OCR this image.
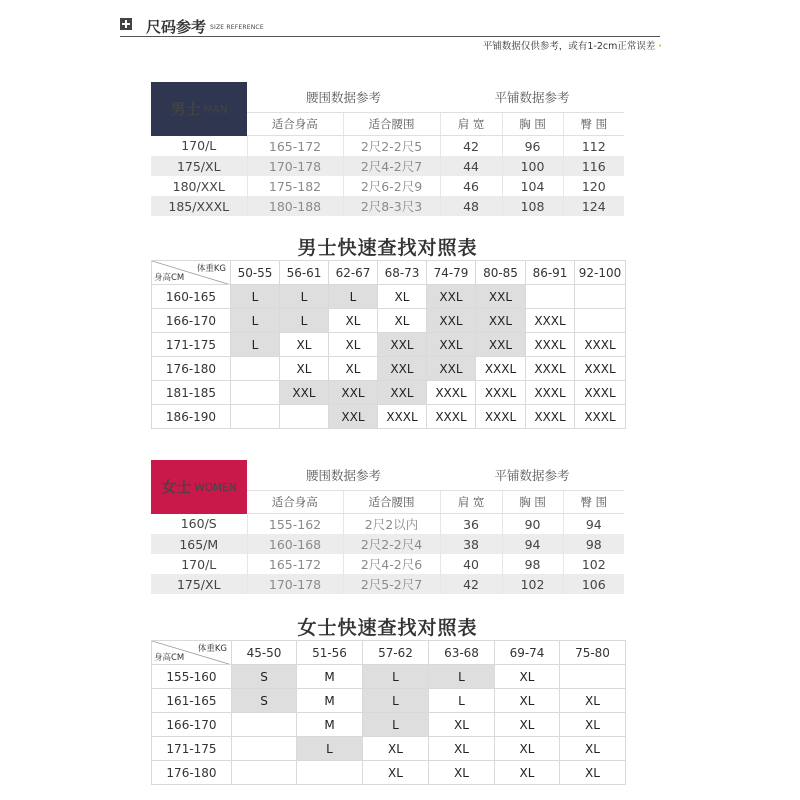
尺码参考 SIZE REFERENCE
平铺数据仅供参考，或有1-2cm正常误差 ·
男士 MAN	腰围数据参考		平铺数据参考		
	适合身高	适合腰围	肩 宽	胸 围	臀 围
170/L	165-172	2尺2-2尺5	42	96	112
175/XL	170-178	2尺4-2尺7	44	100	116
180/XXL	175-182	2尺6-2尺9	46	104	120
185/XXXL	180-188	2尺8-3尺3	48	108	124
男士快速查找对照表
体重KG
身高CM	50-55	56-61	62-67	68-73	74-79	80-85	86-91	92-100
160-165	L	L	L	XL	XXL	XXL		
166-170	L	L	XL	XL	XXL	XXL	XXXL	
171-175	L	XL	XL	XXL	XXL	XXL	XXXL	XXXL
176-180		XL	XL	XXL	XXL	XXXL	XXXL	XXXL
181-185		XXL	XXL	XXL	XXXL	XXXL	XXXL	XXXL
186-190			XXL	XXXL	XXXL	XXXL	XXXL	XXXL
女士 WOMEN	腰围数据参考		平铺数据参考		
	适合身高	适合腰围	肩 宽	胸 围	臀 围
160/S	155-162	2尺2以内	36	90	94
165/M	160-168	2尺2-2尺4	38	94	98
170/L	165-172	2尺4-2尺6	40	98	102
175/XL	170-178	2尺5-2尺7	42	102	106
女士快速查找对照表
体重KG
身高CM	45-50	51-56	57-62	63-68	69-74	75-80
155-160	S	M	L	L	XL	
161-165	S	M	L	L	XL	XL
166-170		M	L	XL	XL	XL
171-175		L	XL	XL	XL	XL
176-180			XL	XL	XL	XL
